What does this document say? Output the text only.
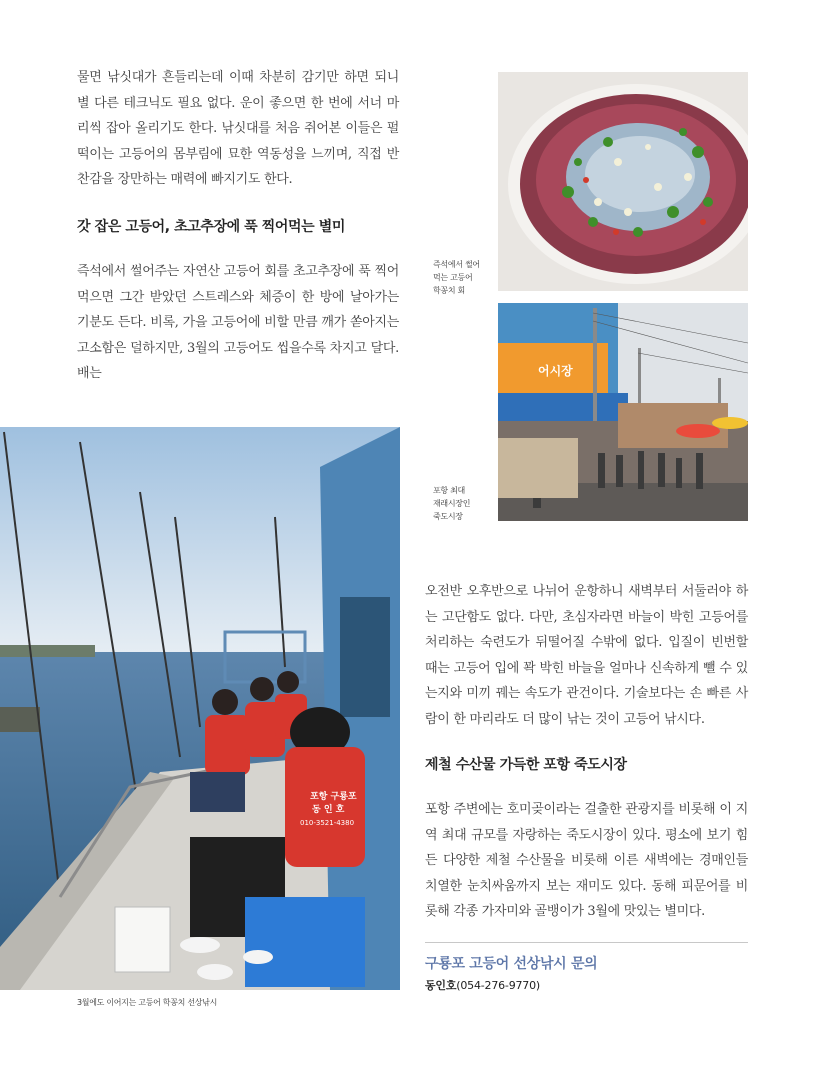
물면 낚싯대가 흔들리는데 이때 차분히 감기만 하면 되니 별 다른 테크닉도 필요 없다. 운이 좋으면 한 번에 서너 마리씩 잡아 올리기도 한다. 낚싯대를 처음 쥐어본 이들은 펄떡이는 고등어의 몸부림에 묘한 역동성을 느끼며, 직접 반찬감을 장만하는 매력에 빠지기도 한다.
갓 잡은 고등어, 초고추장에 푹 찍어먹는 별미
즉석에서 썰어주는 자연산 고등어 회를 초고추장에 푹 찍어 먹으면 그간 받았던 스트레스와 체증이 한 방에 날아가는 기분도 든다. 비록, 가을 고등어에 비할 만큼 깨가 쏟아지는 고소함은 덜하지만, 3월의 고등어도 씹을수록 차지고 달다. 배는
즉석에서 썰어
먹는 고등어
학꽁치 회
어시장
포항 최대
재래시장인
죽도시장
포항 구룡포
동 인 호
010-3521-4380
3월에도 이어지는 고등어 학꽁치 선상낚시
오전반 오후반으로 나뉘어 운항하니 새벽부터 서둘러야 하는 고단함도 없다. 다만, 초심자라면 바늘이 박힌 고등어를 처리하는 숙련도가 뒤떨어질 수밖에 없다. 입질이 빈번할 때는 고등어 입에 꽉 박힌 바늘을 얼마나 신속하게 뺄 수 있는지와 미끼 꿰는 속도가 관건이다. 기술보다는 손 빠른 사람이 한 마리라도 더 많이 낚는 것이 고등어 낚시다.
제철 수산물 가득한 포항 죽도시장
포항 주변에는 호미곶이라는 걸출한 관광지를 비롯해 이 지역 최대 규모를 자랑하는 죽도시장이 있다. 평소에 보기 힘든 다양한 제철 수산물을 비롯해 이른 새벽에는 경매인들 치열한 눈치싸움까지 보는 재미도 있다. 동해 피문어를 비롯해 각종 가자미와 골뱅이가 3월에 맛있는 별미다.
구룡포 고등어 선상낚시 문의
동인호(054-276-9770)
